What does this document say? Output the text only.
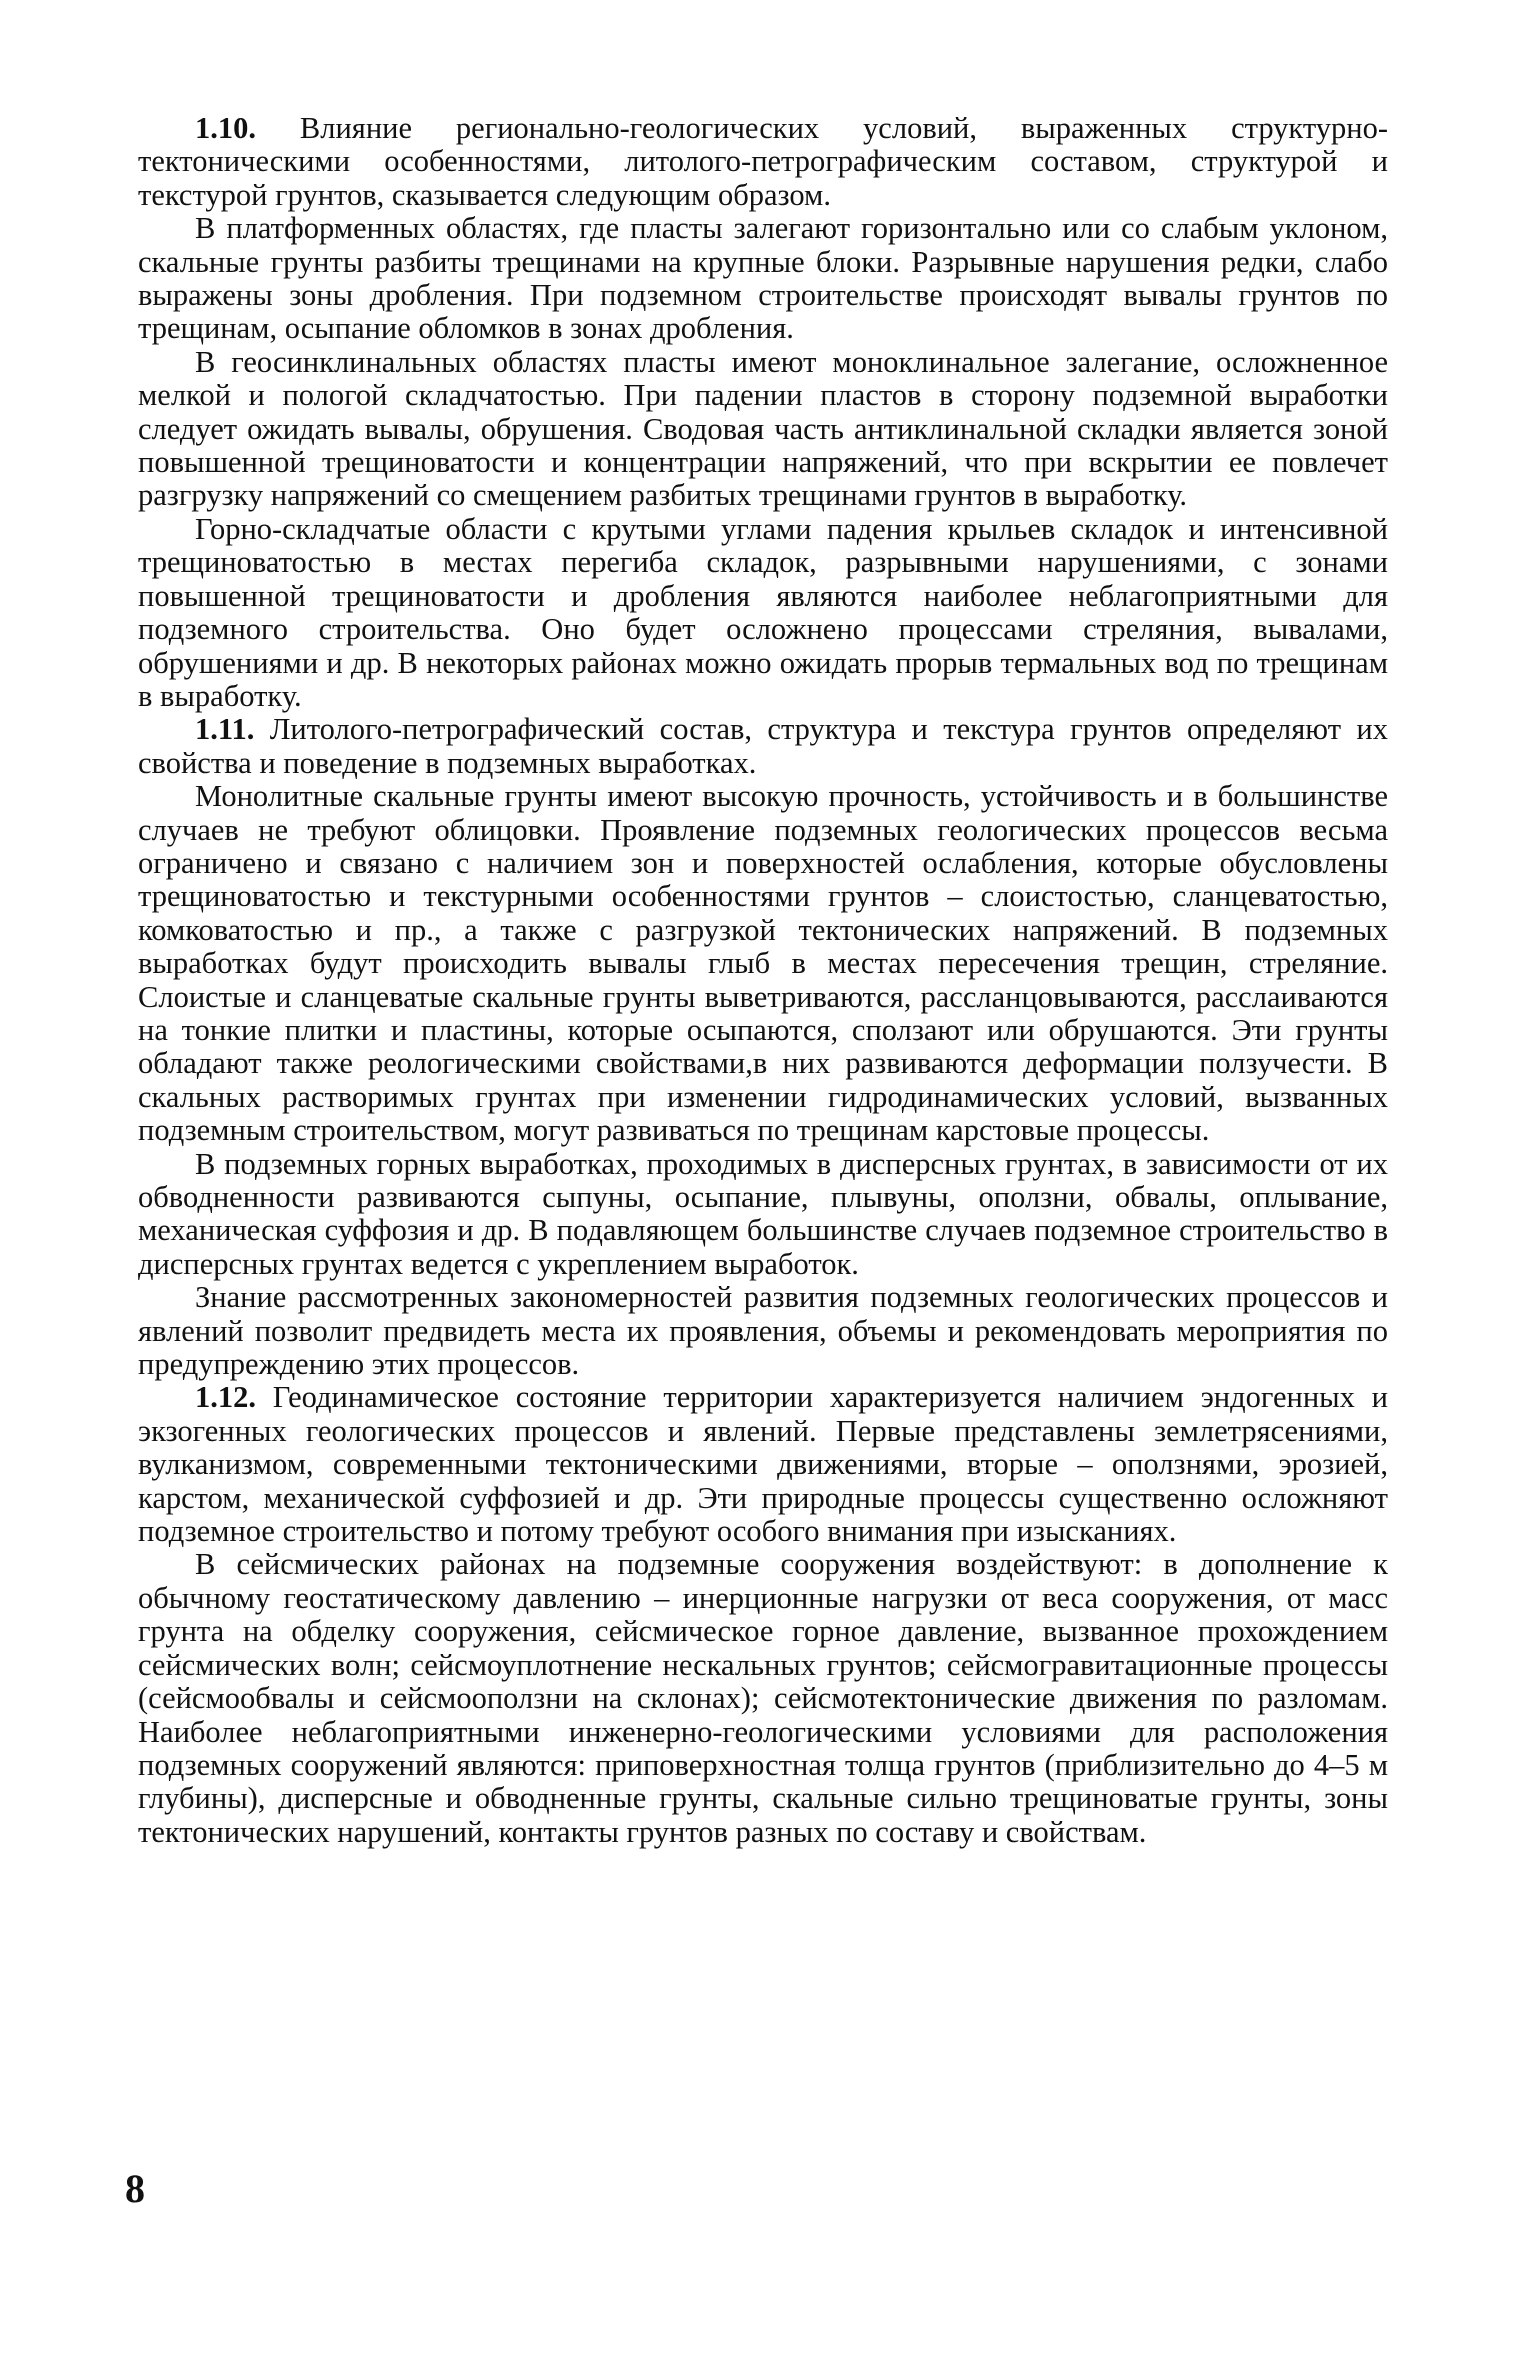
1.10. Влияние регионально-геологических условий, выраженных структурно-тектоническими особенностями, литолого-петрографическим составом, структурой и текстурой грунтов, сказывается следующим образом.

В платформенных областях, где пласты залегают горизонтально или со слабым уклоном, скальные грунты разбиты трещинами на крупные блоки. Разрывные нарушения редки, слабо выражены зоны дробления. При подземном строительстве происходят вывалы грунтов по трещинам, осыпание обломков в зонах дробления.

В геосинклинальных областях пласты имеют моноклинальное залегание, осложненное мелкой и пологой складчатостью. При падении пластов в сторону подземной выработки следует ожидать вывалы, обрушения. Сводовая часть антиклинальной складки является зоной повышенной трещиноватости и концентрации напряжений, что при вскрытии ее повлечет разгрузку напряжений со смещением разбитых трещинами грунтов в выработку.

Горно-складчатые области с крутыми углами падения крыльев складок и интенсивной трещиноватостью в местах перегиба складок, разрывными нарушениями, с зонами повышенной трещиноватости и дробления являются наиболее неблагоприятными для подземного строительства. Оно будет осложнено процессами стреляния, вывалами, обрушениями и др. В некоторых районах можно ожидать прорыв термальных вод по трещинам в выработку.

1.11. Литолого-петрографический состав, структура и текстура грунтов определяют их свойства и поведение в подземных выработках.

Монолитные скальные грунты имеют высокую прочность, устойчивость и в большинстве случаев не требуют облицовки. Проявление подземных геологических процессов весьма ограничено и связано с наличием зон и поверхностей ослабления, которые обусловлены трещиноватостью и текстурными особенностями грунтов – слоистостью, сланцеватостью, комковатостью и пр., а также с разгрузкой тектонических напряжений. В подземных выработках будут происходить вывалы глыб в местах пересечения трещин, стреляние. Слоистые и сланцеватые скальные грунты выветриваются, рассланцовываются, расслаиваются на тонкие плитки и пластины, которые осыпаются, сползают или обрушаются. Эти грунты обладают также реологическими свойствами,в них развиваются деформации ползучести. В скальных растворимых грунтах при изменении гидродинамических условий, вызванных подземным строительством, могут развиваться по трещинам карстовые процессы.

В подземных горных выработках, проходимых в дисперсных грунтах, в зависимости от их обводненности развиваются сыпуны, осыпание, плывуны, оползни, обвалы, оплывание, механическая суффозия и др. В подавляющем большинстве случаев подземное строительство в дисперсных грунтах ведется с укреплением выработок.

Знание рассмотренных закономерностей развития подземных геологических процессов и явлений позволит предвидеть места их проявления, объемы и рекомендовать мероприятия по предупреждению этих процессов.

1.12. Геодинамическое состояние территории характеризуется наличием эндогенных и экзогенных геологических процессов и явлений. Первые представлены землетрясениями, вулканизмом, современными тектоническими движениями, вторые – оползнями, эрозией, карстом, механической суффозией и др. Эти природные процессы существенно осложняют подземное строительство и потому требуют особого внимания при изысканиях.

В сейсмических районах на подземные сооружения воздействуют: в дополнение к обычному геостатическому давлению – инерционные нагрузки от веса сооружения, от масс грунта на обделку сооружения, сейсмическое горное давление, вызванное прохождением сейсмических волн; сейсмоуплотнение нескальных грунтов; сейсмогравитационные процессы (сейсмообвалы и сейсмооползни на склонах); сейсмотектонические движения по разломам. Наиболее неблагоприятными инженерно-геологическими условиями для расположения подземных сооружений являются: приповерхностная толща грунтов (приблизительно до 4–5 м глубины), дисперсные и обводненные грунты, скальные сильно трещиноватые грунты, зоны тектонических нарушений, контакты грунтов разных по составу и свойствам.

8
